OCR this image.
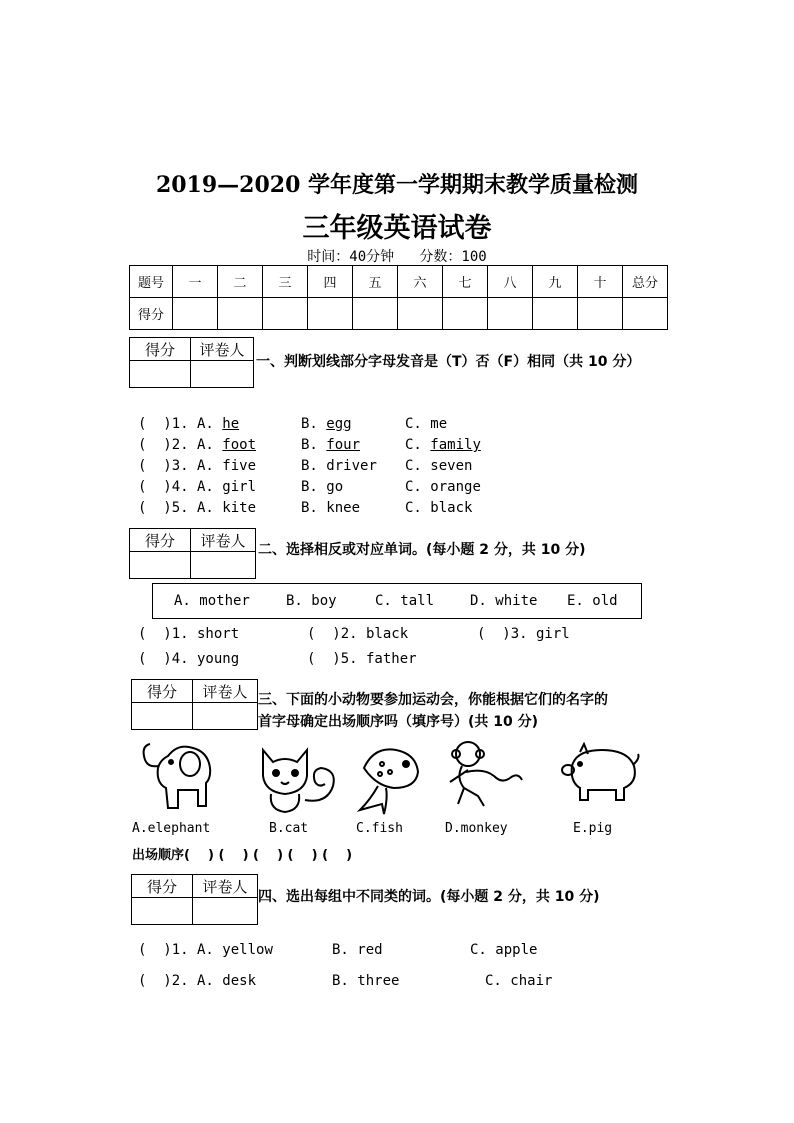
2019—2020 学年度第一学期期末教学质量检测
三年级英语试卷
时间：40分钟 分数：100
题号	一	二	三	四	五	六	七	八	九	十	总分
得分											
得分	评卷人

一、判断划线部分字母发音是（T）否（F）相同（共 10 分）
(  )1. A. he	B. egg	C. me
(  )2. A. foot	B. four	C. family
(  )3. A. five	B. driver C. seven
(  )4. A. girl	B. go	C. orange
(  )5. A. kite	B. knee	C. black
得分	评卷人

二、选择相反或对应单词。(每小题 2 分，共 10 分)
A. mother	B. boy	C. tall	D. white E. old
(  )1. short	(  )2. black	(  )3. girl
(  )4. young	(  )5. father
得分	评卷人
	三、下面的小动物要参加运动会，你能根据它们的名字的
首字母确定出场顺序吗（填序号）(共 10 分)
A.elephant	B.cat	C.fish	D.monkey	E.pig
出场顺序(    ) (    ) (    ) (    ) (    )
得分	评卷人

四、选出每组中不同类的词。(每小题 2 分，共 10 分)
(  )1. A. yellow	B. red	C. apple
(  )2. A. desk	B. three	C. chair
